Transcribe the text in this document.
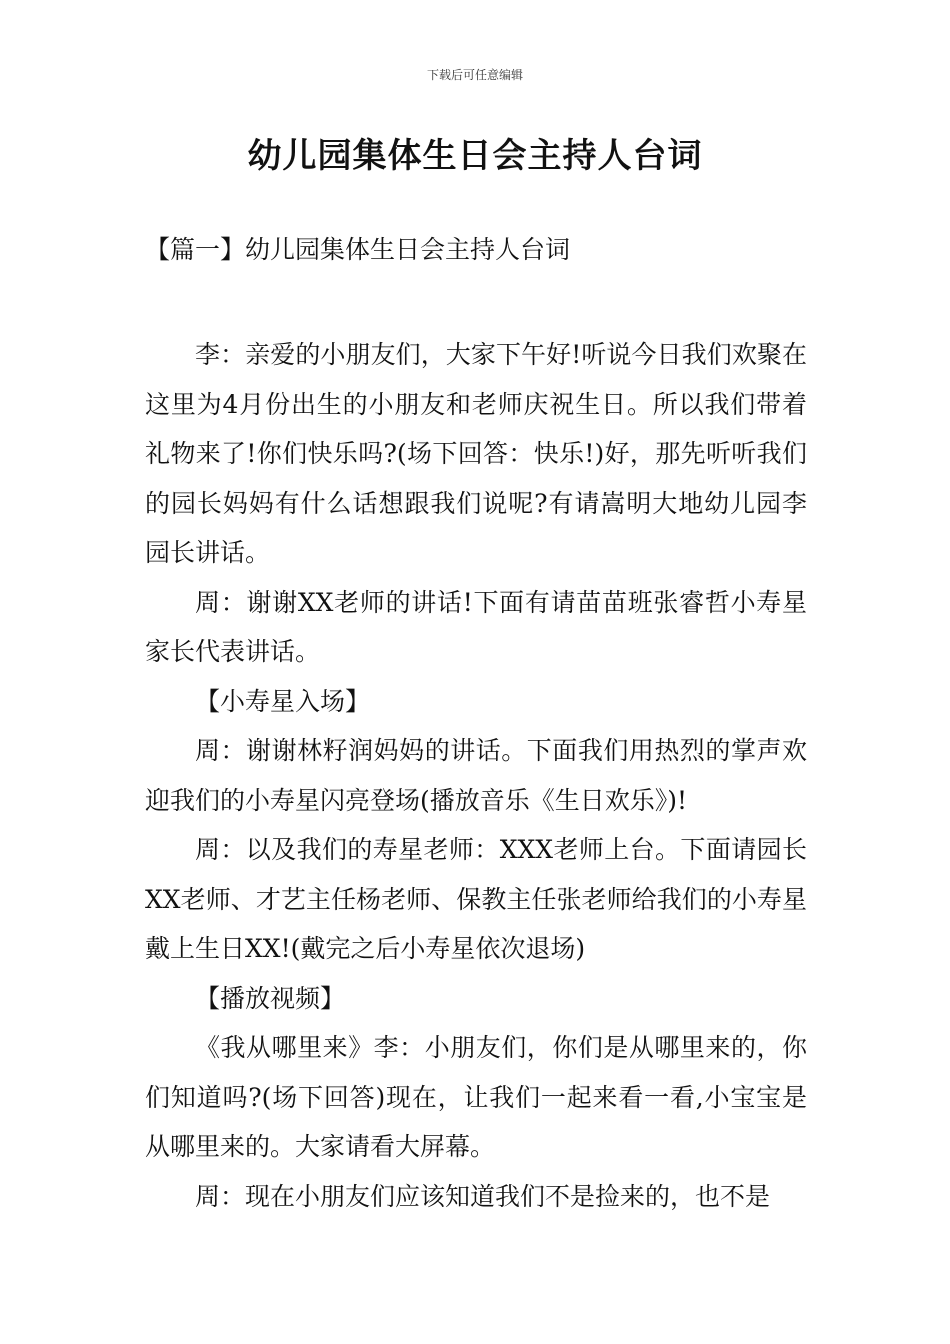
下载后可任意编辑
幼儿园集体生日会主持人台词
【篇一】幼儿园集体生日会主持人台词

李：亲爱的小朋友们，大家下午好!听说今日我们欢聚在这里为4月份出生的小朋友和老师庆祝生日。所以我们带着礼物来了!你们快乐吗?(场下回答：快乐!)好，那先听听我们的园长妈妈有什么话想跟我们说呢?有请嵩明大地幼儿园李园长讲话。

周：谢谢XX老师的讲话!下面有请苗苗班张睿哲小寿星家长代表讲话。

【小寿星入场】

周：谢谢林籽润妈妈的讲话。下面我们用热烈的掌声欢迎我们的小寿星闪亮登场(播放音乐《生日欢乐》)!

周：以及我们的寿星老师：XXX老师上台。下面请园长XX老师、才艺主任杨老师、保教主任张老师给我们的小寿星戴上生日XX!(戴完之后小寿星依次退场)

【播放视频】

《我从哪里来》李：小朋友们，你们是从哪里来的，你们知道吗?(场下回答)现在，让我们一起来看一看,小宝宝是从哪里来的。大家请看大屏幕。

周：现在小朋友们应该知道我们不是捡来的，也不是
